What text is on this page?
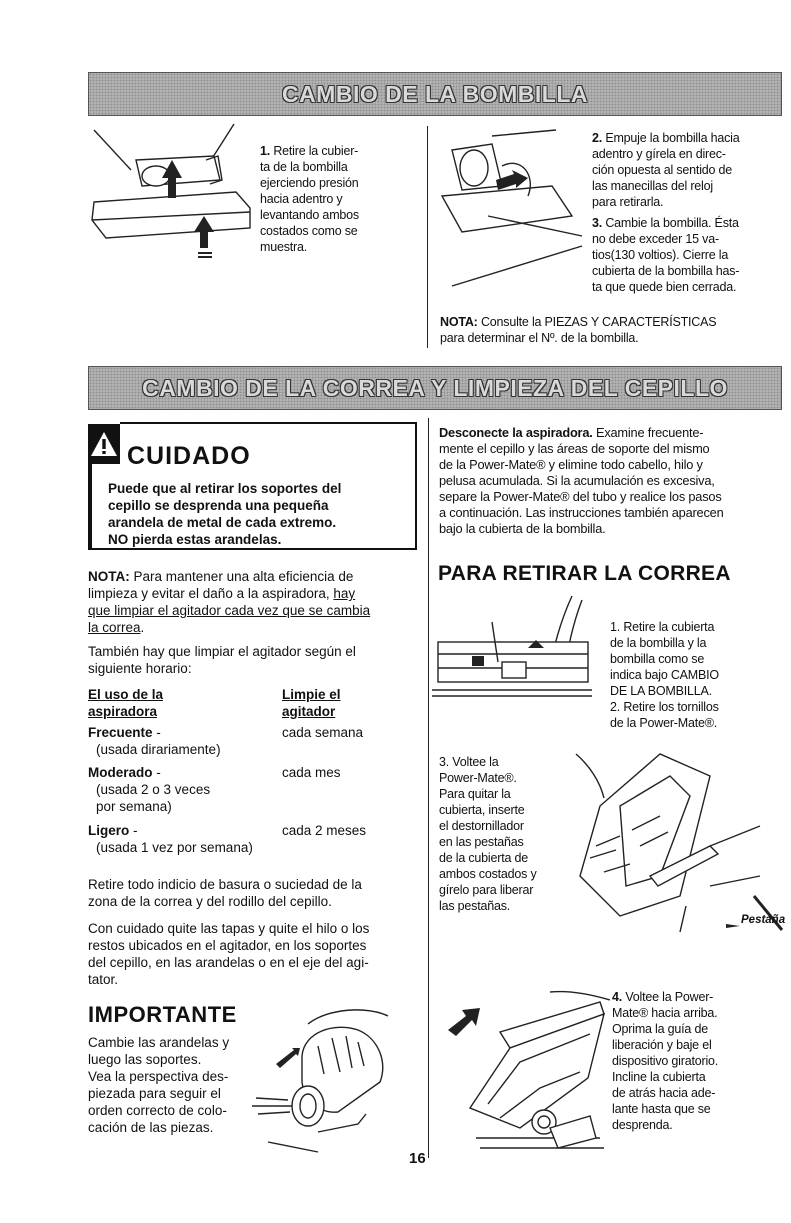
CAMBIO DE LA BOMBILLA
1. Retire la cubier-
ta de la bombilla
ejerciendo presión
hacia adentro y
levantando ambos
costados como se
muestra.
2. Empuje la bombilla hacia
adentro y gírela en direc-
ción opuesta al sentido de
las manecillas del reloj
para retirarla.
3. Cambie la bombilla. Ésta
no debe exceder 15 va-
tios(130 voltios). Cierre la
cubierta de la bombilla has-
ta que quede bien cerrada.
NOTA: Consulte la PIEZAS Y CARACTERÍSTICAS
para determinar el Nº. de la bombilla.
CAMBIO DE LA CORREA Y LIMPIEZA DEL CEPILLO
CUIDADO
Puede que al retirar los soportes del
cepillo se desprenda una pequeña
arandela de metal de cada extremo.
NO pierda estas arandelas.
NOTA: Para mantener una alta eficiencia de
limpieza y evitar el daño a la aspiradora, hay
que limpiar el agitador cada vez que se cambia
la correa.
También hay que limpiar el agitador según el
siguiente horario:
El uso de la
aspiradora
Limpie el
agitador
Frecuente -
(usada dirariamente)
cada semana
Moderado -
(usada 2 o 3 veces
por semana)
cada mes
Ligero -
(usada 1 vez por semana)
cada 2 meses
Retire todo indicio de basura o suciedad de la
zona de la correa y del rodillo del cepillo.
Con cuidado quite las tapas y quite el hilo o los
restos ubicados en el agitador, en los soportes
del cepillo, en las arandelas o en el eje del agi-
tator.
IMPORTANTE
Cambie las arandelas y
luego las soportes.
Vea la perspectiva des-
piezada para seguir el
orden correcto de colo-
cación de las piezas.
Desconecte la aspiradora. Examine frecuente-
mente el cepillo y las áreas de soporte del mismo
de la Power-Mate® y elimine todo cabello, hilo y
pelusa acumulada. Si la acumulación es excesiva,
separe la Power-Mate® del tubo y realice los pasos
a continuación. Las instrucciones también aparecen
bajo la cubierta de la bombilla.
PARA RETIRAR LA CORREA
1. Retire la cubierta
de la bombilla y la
bombilla como se
indica bajo CAMBIO
DE LA BOMBILLA.
2. Retire los tornillos
de la Power-Mate®.
3. Voltee la
Power-Mate®.
Para quitar la
cubierta, inserte
el destornillador
en las pestañas
de la cubierta de
ambos costados y
gírelo para liberar
las pestañas.
Pestaña
4. Voltee la Power-
Mate® hacia arriba.
Oprima la guía de
liberación y baje el
dispositivo giratorio.
Incline la cubierta
de atrás hacia ade-
lante hasta que se
desprenda.
16
